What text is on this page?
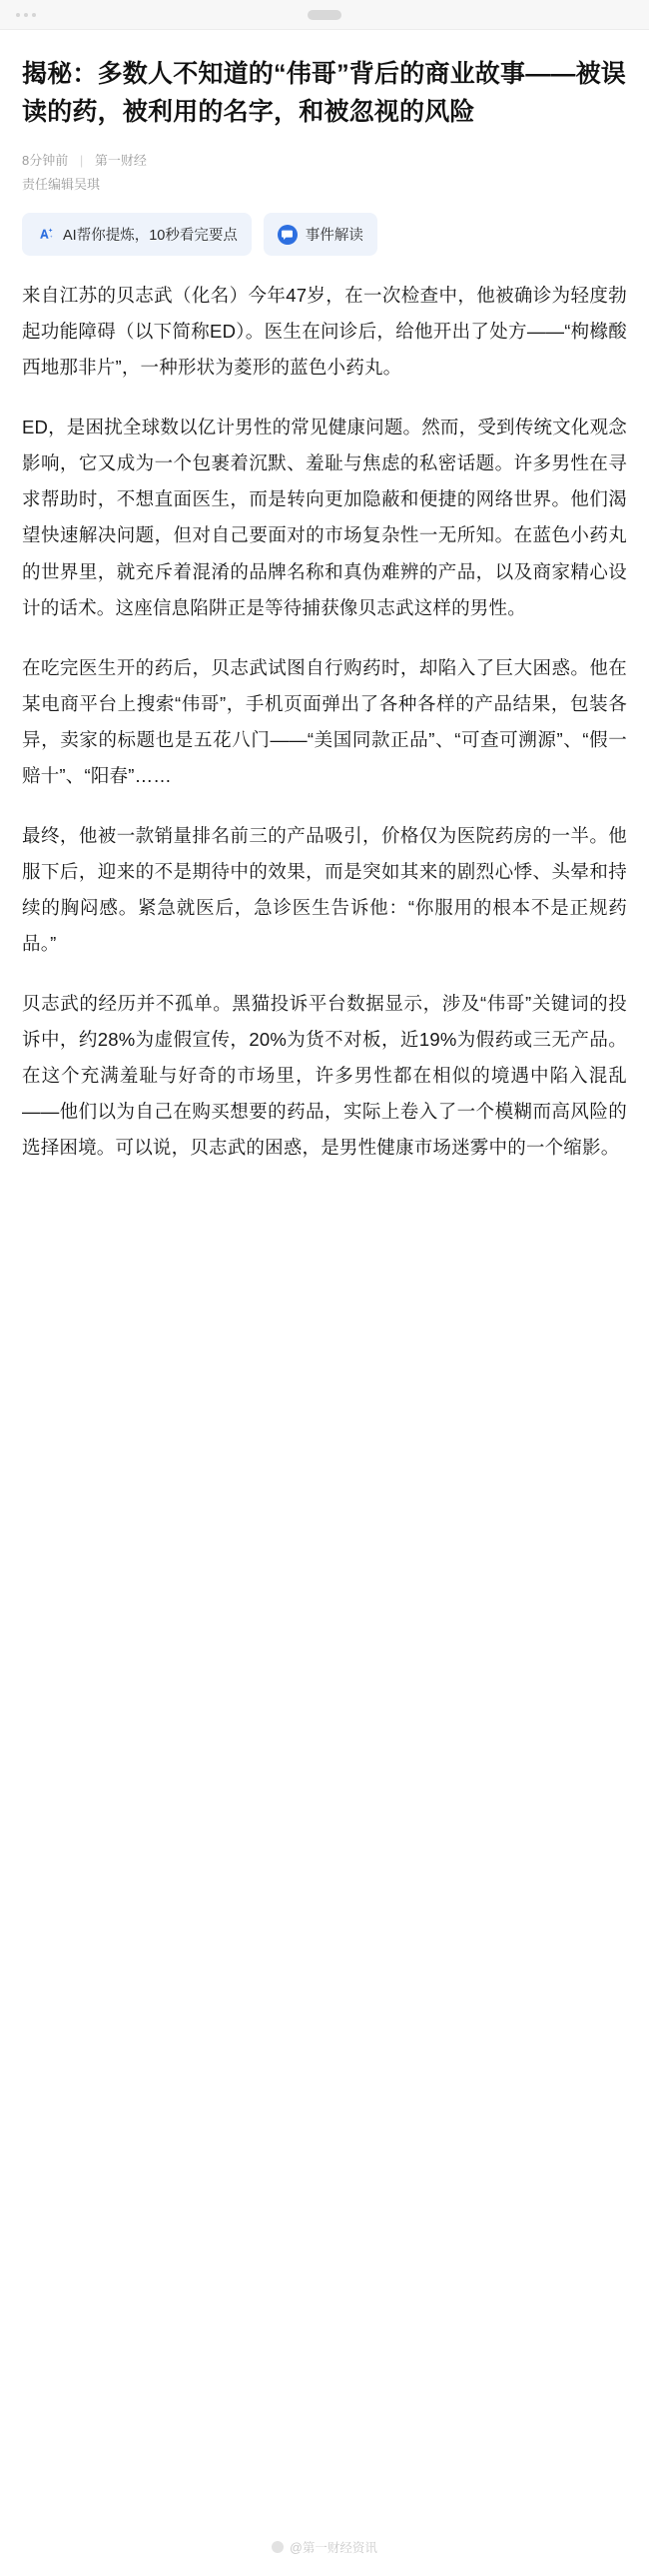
揭秘：多数人不知道的“伟哥”背后的商业故事——被误读的药，被利用的名字，和被忽视的风险
8分钟前 | 第一财经
责任编辑吴琪
AI帮你提炼，10秒看完要点	事件解读

来自江苏的贝志武（化名）今年47岁，在一次检查中，他被确诊为轻度勃起功能障碍（以下简称ED）。医生在问诊后，给他开出了处方——“枸橼酸西地那非片”，一种形状为菱形的蓝色小药丸。

ED，是困扰全球数以亿计男性的常见健康问题。然而，受到传统文化观念影响，它又成为一个包裹着沉默、羞耻与焦虑的私密话题。许多男性在寻求帮助时，不想直面医生，而是转向更加隐蔽和便捷的网络世界。他们渴望快速解决问题，但对自己要面对的市场复杂性一无所知。在蓝色小药丸的世界里，就充斥着混淆的品牌名称和真伪难辨的产品，以及商家精心设计的话术。这座信息陷阱正是等待捕获像贝志武这样的男性。

在吃完医生开的药后，贝志武试图自行购药时，却陷入了巨大困惑。他在某电商平台上搜索“伟哥”，手机页面弹出了各种各样的产品结果，包装各异，卖家的标题也是五花八门——“美国同款正品”、“可查可溯源”、“假一赔十”、“阳春”……

最终，他被一款销量排名前三的产品吸引，价格仅为医院药房的一半。他服下后，迎来的不是期待中的效果，而是突如其来的剧烈心悸、头晕和持续的胸闷感。紧急就医后，急诊医生告诉他：“你服用的根本不是正规药品。”

贝志武的经历并不孤单。黑猫投诉平台数据显示，涉及“伟哥”关键词的投诉中，约28%为虚假宣传，20%为货不对板，近19%为假药或三无产品。在这个充满羞耻与好奇的市场里，许多男性都在相似的境遇中陷入混乱——他们以为自己在购买想要的药品，实际上卷入了一个模糊而高风险的选择困境。可以说，贝志武的困惑，是男性健康市场迷雾中的一个缩影。

@第一财经资讯
